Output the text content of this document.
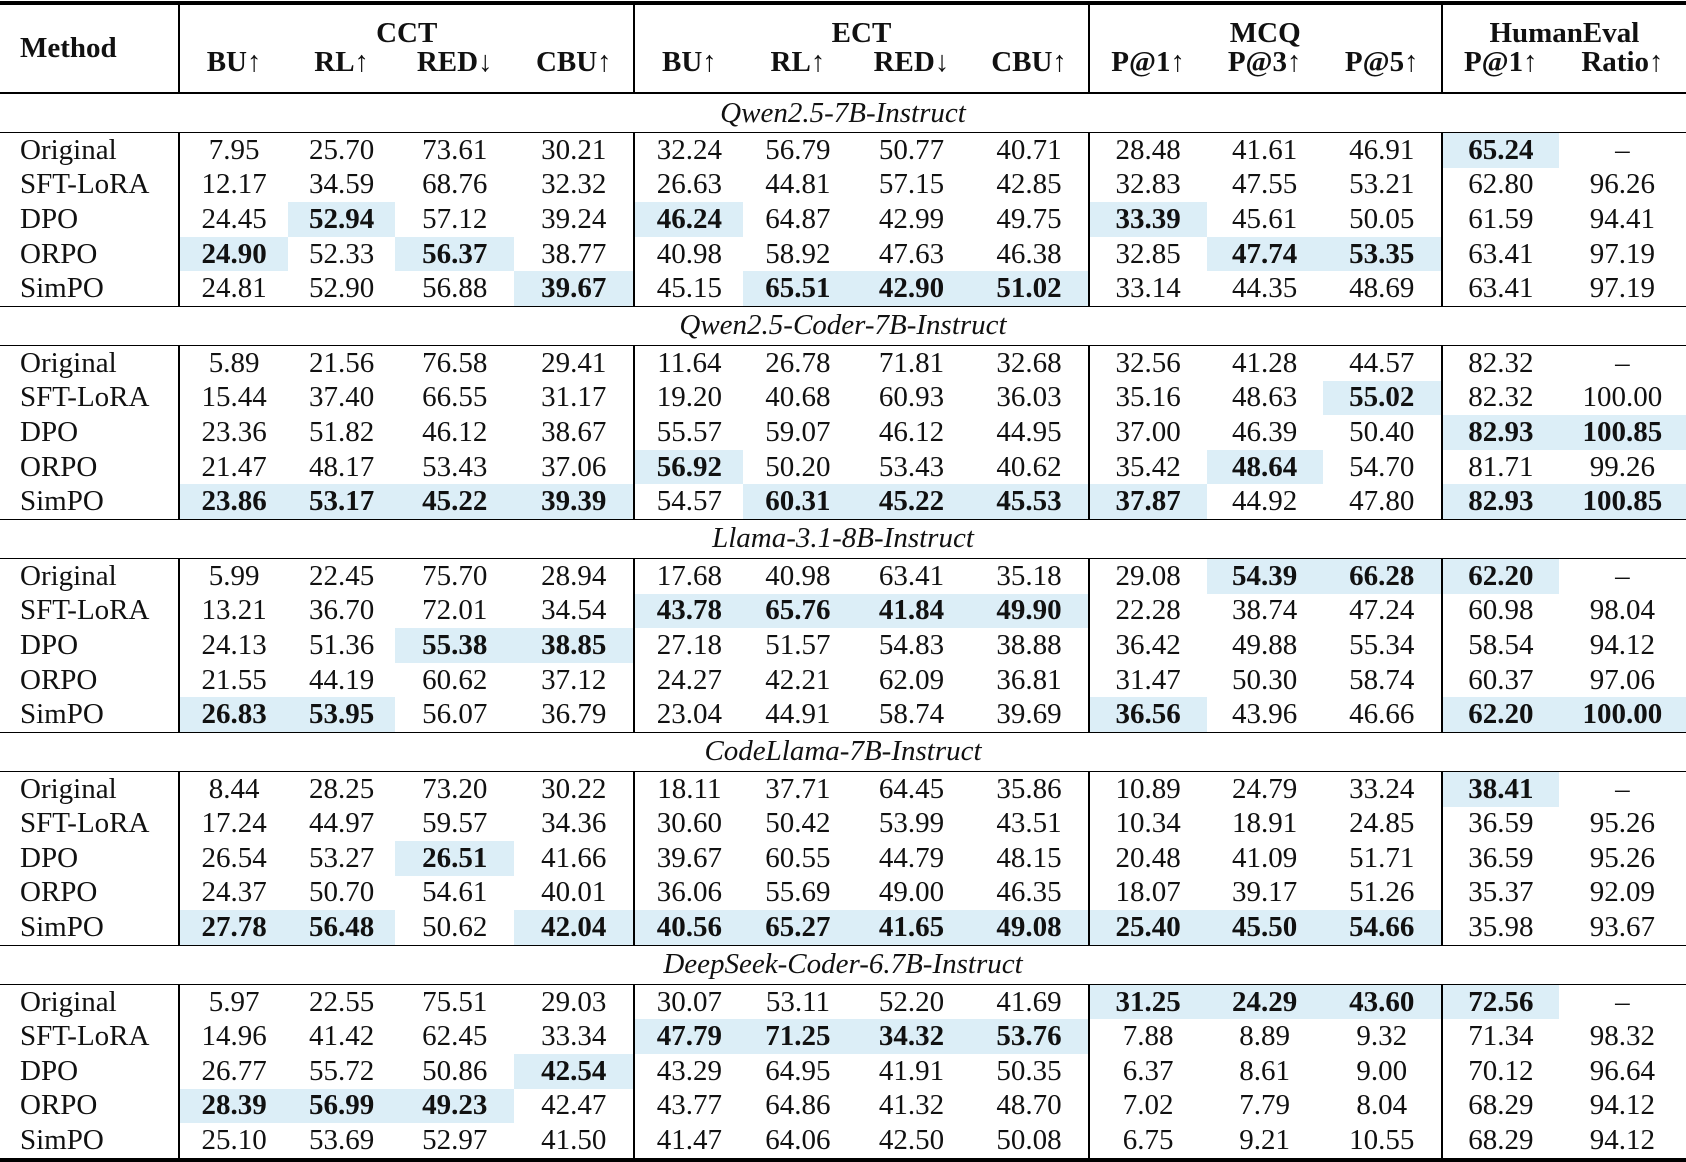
Method	CCT				ECT				MCQ			HumanEval	
	BU↑	RL↑	RED↓	CBU↑	BU↑	RL↑	RED↓	CBU↑	P@1↑	P@3↑	P@5↑	P@1↑	Ratio↑
Qwen2.5-7B-Instruct													
Original	7.95	25.70	73.61	30.21	32.24	56.79	50.77	40.71	28.48	41.61	46.91	65.24	–
SFT-LoRA	12.17	34.59	68.76	32.32	26.63	44.81	57.15	42.85	32.83	47.55	53.21	62.80	96.26
DPO	24.45	52.94	57.12	39.24	46.24	64.87	42.99	49.75	33.39	45.61	50.05	61.59	94.41
ORPO	24.90	52.33	56.37	38.77	40.98	58.92	47.63	46.38	32.85	47.74	53.35	63.41	97.19
SimPO	24.81	52.90	56.88	39.67	45.15	65.51	42.90	51.02	33.14	44.35	48.69	63.41	97.19
Qwen2.5-Coder-7B-Instruct													
Original	5.89	21.56	76.58	29.41	11.64	26.78	71.81	32.68	32.56	41.28	44.57	82.32	–
SFT-LoRA	15.44	37.40	66.55	31.17	19.20	40.68	60.93	36.03	35.16	48.63	55.02	82.32	100.00
DPO	23.36	51.82	46.12	38.67	55.57	59.07	46.12	44.95	37.00	46.39	50.40	82.93	100.85
ORPO	21.47	48.17	53.43	37.06	56.92	50.20	53.43	40.62	35.42	48.64	54.70	81.71	99.26
SimPO	23.86	53.17	45.22	39.39	54.57	60.31	45.22	45.53	37.87	44.92	47.80	82.93	100.85
Llama-3.1-8B-Instruct													
Original	5.99	22.45	75.70	28.94	17.68	40.98	63.41	35.18	29.08	54.39	66.28	62.20	–
SFT-LoRA	13.21	36.70	72.01	34.54	43.78	65.76	41.84	49.90	22.28	38.74	47.24	60.98	98.04
DPO	24.13	51.36	55.38	38.85	27.18	51.57	54.83	38.88	36.42	49.88	55.34	58.54	94.12
ORPO	21.55	44.19	60.62	37.12	24.27	42.21	62.09	36.81	31.47	50.30	58.74	60.37	97.06
SimPO	26.83	53.95	56.07	36.79	23.04	44.91	58.74	39.69	36.56	43.96	46.66	62.20	100.00
CodeLlama-7B-Instruct													
Original	8.44	28.25	73.20	30.22	18.11	37.71	64.45	35.86	10.89	24.79	33.24	38.41	–
SFT-LoRA	17.24	44.97	59.57	34.36	30.60	50.42	53.99	43.51	10.34	18.91	24.85	36.59	95.26
DPO	26.54	53.27	26.51	41.66	39.67	60.55	44.79	48.15	20.48	41.09	51.71	36.59	95.26
ORPO	24.37	50.70	54.61	40.01	36.06	55.69	49.00	46.35	18.07	39.17	51.26	35.37	92.09
SimPO	27.78	56.48	50.62	42.04	40.56	65.27	41.65	49.08	25.40	45.50	54.66	35.98	93.67
DeepSeek-Coder-6.7B-Instruct													
Original	5.97	22.55	75.51	29.03	30.07	53.11	52.20	41.69	31.25	24.29	43.60	72.56	–
SFT-LoRA	14.96	41.42	62.45	33.34	47.79	71.25	34.32	53.76	7.88	8.89	9.32	71.34	98.32
DPO	26.77	55.72	50.86	42.54	43.29	64.95	41.91	50.35	6.37	8.61	9.00	70.12	96.64
ORPO	28.39	56.99	49.23	42.47	43.77	64.86	41.32	48.70	7.02	7.79	8.04	68.29	94.12
SimPO	25.10	53.69	52.97	41.50	41.47	64.06	42.50	50.08	6.75	9.21	10.55	68.29	94.12
